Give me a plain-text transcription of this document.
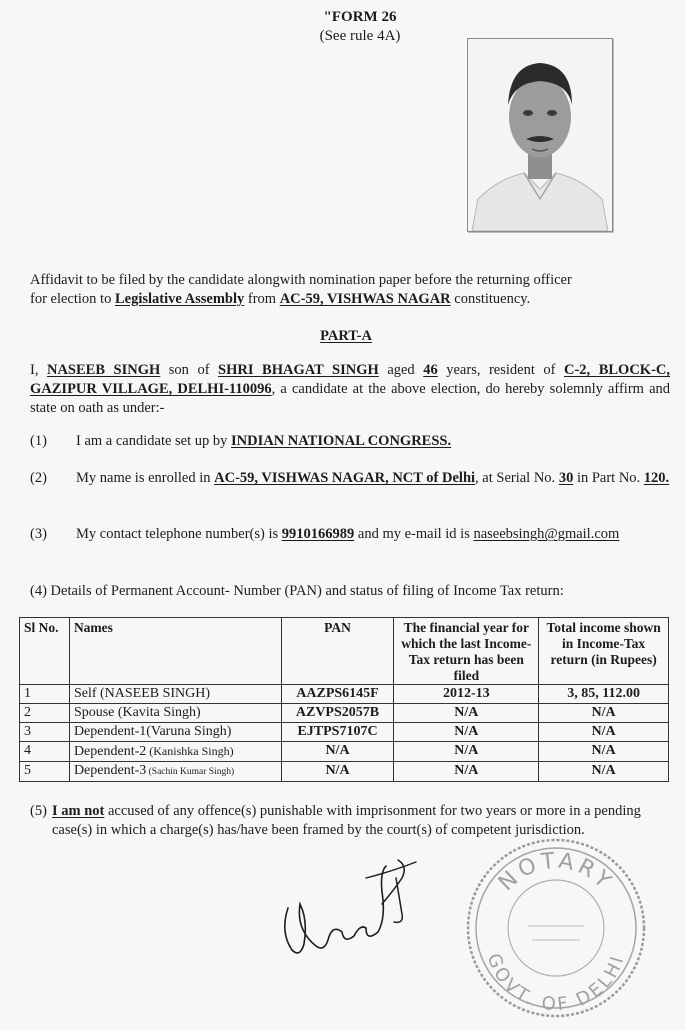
"FORM 26
(See rule 4A)
Affidavit to be filed by the candidate alongwith nomination paper before the returning officer
for election to Legislative Assembly from AC-59, VISHWAS NAGAR constituency.
PART-A
I, NASEEB SINGH son of SHRI BHAGAT SINGH aged 46 years, resident of C-2, BLOCK-C, GAZIPUR VILLAGE, DELHI-110096, a candidate at the above election, do hereby solemnly affirm and state on oath as under:-
(1) I am a candidate set up by INDIAN NATIONAL CONGRESS.
(2) My name is enrolled in AC-59, VISHWAS NAGAR, NCT of Delhi, at Serial No. 30 in Part No. 120.
(3) My contact telephone number(s) is 9910166989 and my e-mail id is naseebsingh@gmail.com
(4) Details of Permanent Account- Number (PAN) and status of filing of Income Tax return:
Sl No.	Names	PAN	The financial year for which the last Income- Tax return has been filed	Total income shown in Income-Tax return (in Rupees)
1	Self (NASEEB SINGH)	AAZPS6145F	2012-13	3, 85, 112.00
2	Spouse (Kavita Singh)	AZVPS2057B	N/A	N/A
3	Dependent-1(Varuna Singh)	EJTPS7107C	N/A	N/A
4	Dependent-2 (Kanishka Singh)	N/A	N/A	N/A
5	Dependent-3 (Sachin Kumar Singh)	N/A	N/A	N/A
(5) I am not accused of any offence(s) punishable with imprisonment for two years or more in a pending case(s) in which a charge(s) has/have been framed by the court(s) of competent jurisdiction.
NOTARY
GOVT. OF DELHI
